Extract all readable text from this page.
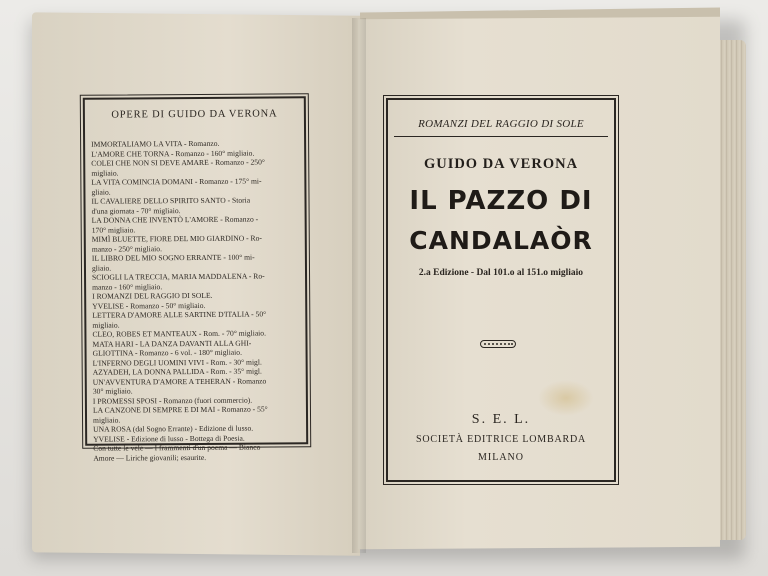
OPERE DI GUIDO DA VERONA
IMMORTALIAMO LA VITA - Romanzo.
L'AMORE CHE TORNA - Romanzo - 160° migliaio.
COLEI CHE NON SI DEVE AMARE - Romanzo - 250°
migliaio.
LA VITA COMINCIA DOMANI - Romanzo - 175° mi-
gliaio.
IL CAVALIERE DELLO SPIRITO SANTO - Storia
d'una giornata - 70° migliaio.
LA DONNA CHE INVENTÒ L'AMORE - Romanzo -
170° migliaio.
MIMÌ BLUETTE, FIORE DEL MIO GIARDINO - Ro-
manzo - 250° migliaio.
IL LIBRO DEL MIO SOGNO ERRANTE - 100° mi-
gliaio.
SCIOGLI LA TRECCIA, MARIA MADDALENA - Ro-
manzo - 160° migliaio.
I ROMANZI DEL RAGGIO DI SOLE.
YVELISE - Romanzo - 50° migliaio.
LETTERA D'AMORE ALLE SARTINE D'ITALIA - 50°
migliaio.
CLEO, ROBES ET MANTEAUX - Rom. - 70° migliaio.
MATA HARI - LA DANZA DAVANTI ALLA GHI-
GLIOTTINA - Romanzo - 6 vol. - 180° migliaio.
L'INFERNO DEGLI UOMINI VIVI - Rom. - 30° migl.
AZYADEH, LA DONNA PALLIDA - Rom. - 35° migl.
UN'AVVENTURA D'AMORE A TEHERAN - Romanzo
30° migliaio.
I PROMESSI SPOSI - Romanzo (fuori commercio).
LA CANZONE DI SEMPRE E DI MAI - Romanzo - 55°
migliaio.
UNA ROSA (dal Sogno Errante) - Edizione di lusso.
YVELISE - Edizione di lusso - Bottega di Poesia.
Con tutte le vele — I frammenti d'un poema — Bianco
Amore — Liriche giovanili; esaurite.
ROMANZI DEL RAGGIO DI SOLE
GUIDO DA VERONA
IL PAZZO DI
CANDALAÒR
2.a Edizione - Dal 101.o al 151.o migliaio
S. E. L.
SOCIETÀ EDITRICE LOMBARDA
MILANO
